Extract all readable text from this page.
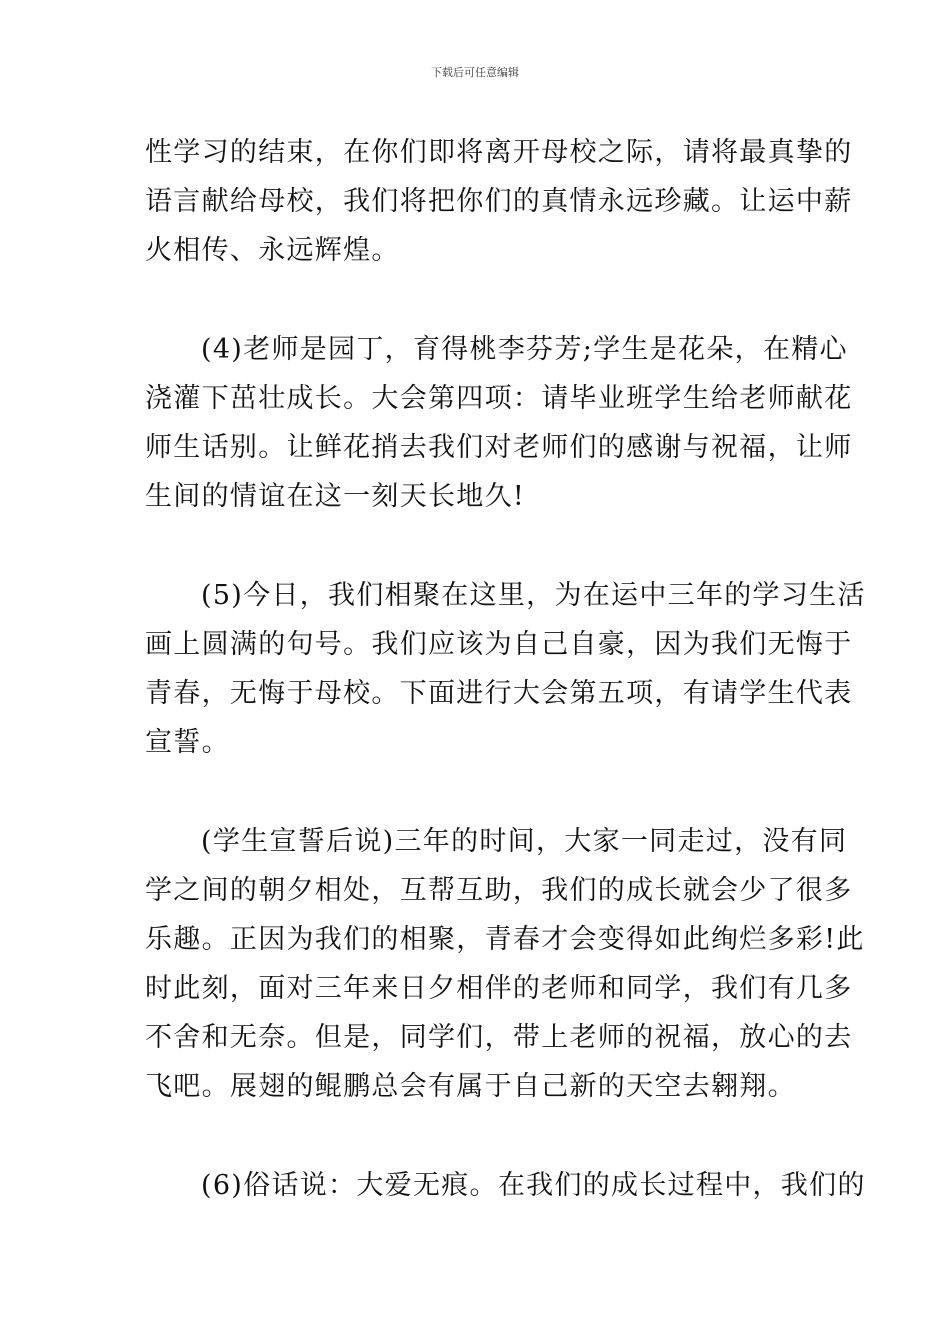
下载后可任意编辑
性学习的结束，在你们即将离开母校之际，请将最真挚的
语言献给母校，我们将把你们的真情永远珍藏。让运中薪
火相传、永远辉煌。
(4)老师是园丁，育得桃李芬芳;学生是花朵，在精心
浇灌下茁壮成长。大会第四项：请毕业班学生给老师献花
师生话别。让鲜花捎去我们对老师们的感谢与祝福，让师
生间的情谊在这一刻天长地久!
(5)今日，我们相聚在这里，为在运中三年的学习生活
画上圆满的句号。我们应该为自己自豪，因为我们无悔于
青春，无悔于母校。下面进行大会第五项，有请学生代表
宣誓。
(学生宣誓后说)三年的时间，大家一同走过，没有同
学之间的朝夕相处，互帮互助，我们的成长就会少了很多
乐趣。正因为我们的相聚，青春才会变得如此绚烂多彩!此
时此刻，面对三年来日夕相伴的老师和同学，我们有几多
不舍和无奈。但是，同学们，带上老师的祝福，放心的去
飞吧。展翅的鲲鹏总会有属于自己新的天空去翱翔。
(6)俗话说：大爱无痕。在我们的成长过程中，我们的
